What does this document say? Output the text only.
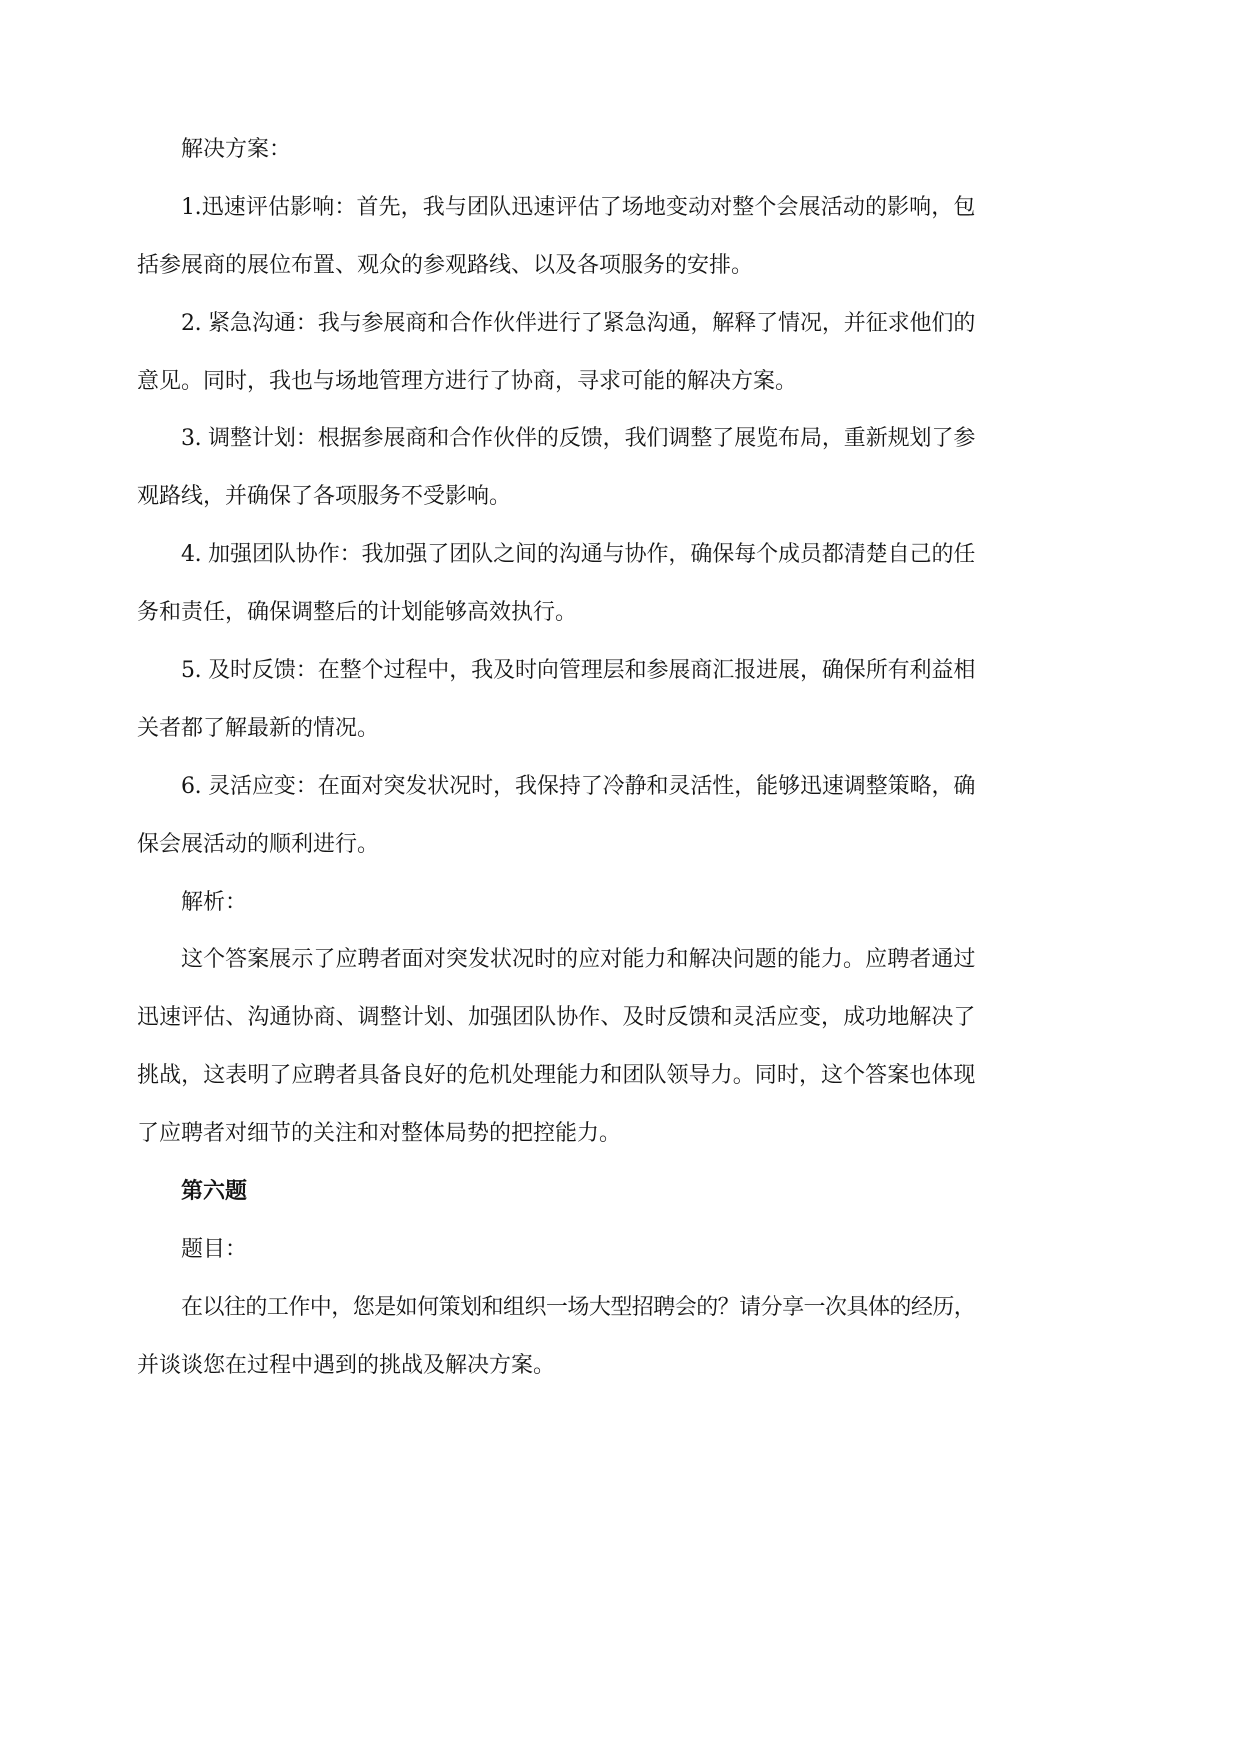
解决方案：
1.迅速评估影响：首先，我与团队迅速评估了场地变动对整个会展活动的影响，包
括参展商的展位布置、观众的参观路线、以及各项服务的安排。
2. 紧急沟通：我与参展商和合作伙伴进行了紧急沟通，解释了情况，并征求他们的
意见。同时，我也与场地管理方进行了协商，寻求可能的解决方案。
3. 调整计划：根据参展商和合作伙伴的反馈，我们调整了展览布局，重新规划了参
观路线，并确保了各项服务不受影响。
4. 加强团队协作：我加强了团队之间的沟通与协作，确保每个成员都清楚自己的任
务和责任，确保调整后的计划能够高效执行。
5. 及时反馈：在整个过程中，我及时向管理层和参展商汇报进展，确保所有利益相
关者都了解最新的情况。
6. 灵活应变：在面对突发状况时，我保持了冷静和灵活性，能够迅速调整策略，确
保会展活动的顺利进行。
解析：
这个答案展示了应聘者面对突发状况时的应对能力和解决问题的能力。应聘者通过
迅速评估、沟通协商、调整计划、加强团队协作、及时反馈和灵活应变，成功地解决了
挑战，这表明了应聘者具备良好的危机处理能力和团队领导力。同时，这个答案也体现
了应聘者对细节的关注和对整体局势的把控能力。
第六题
题目：
在以往的工作中，您是如何策划和组织一场大型招聘会的？请分享一次具体的经历，
并谈谈您在过程中遇到的挑战及解决方案。
